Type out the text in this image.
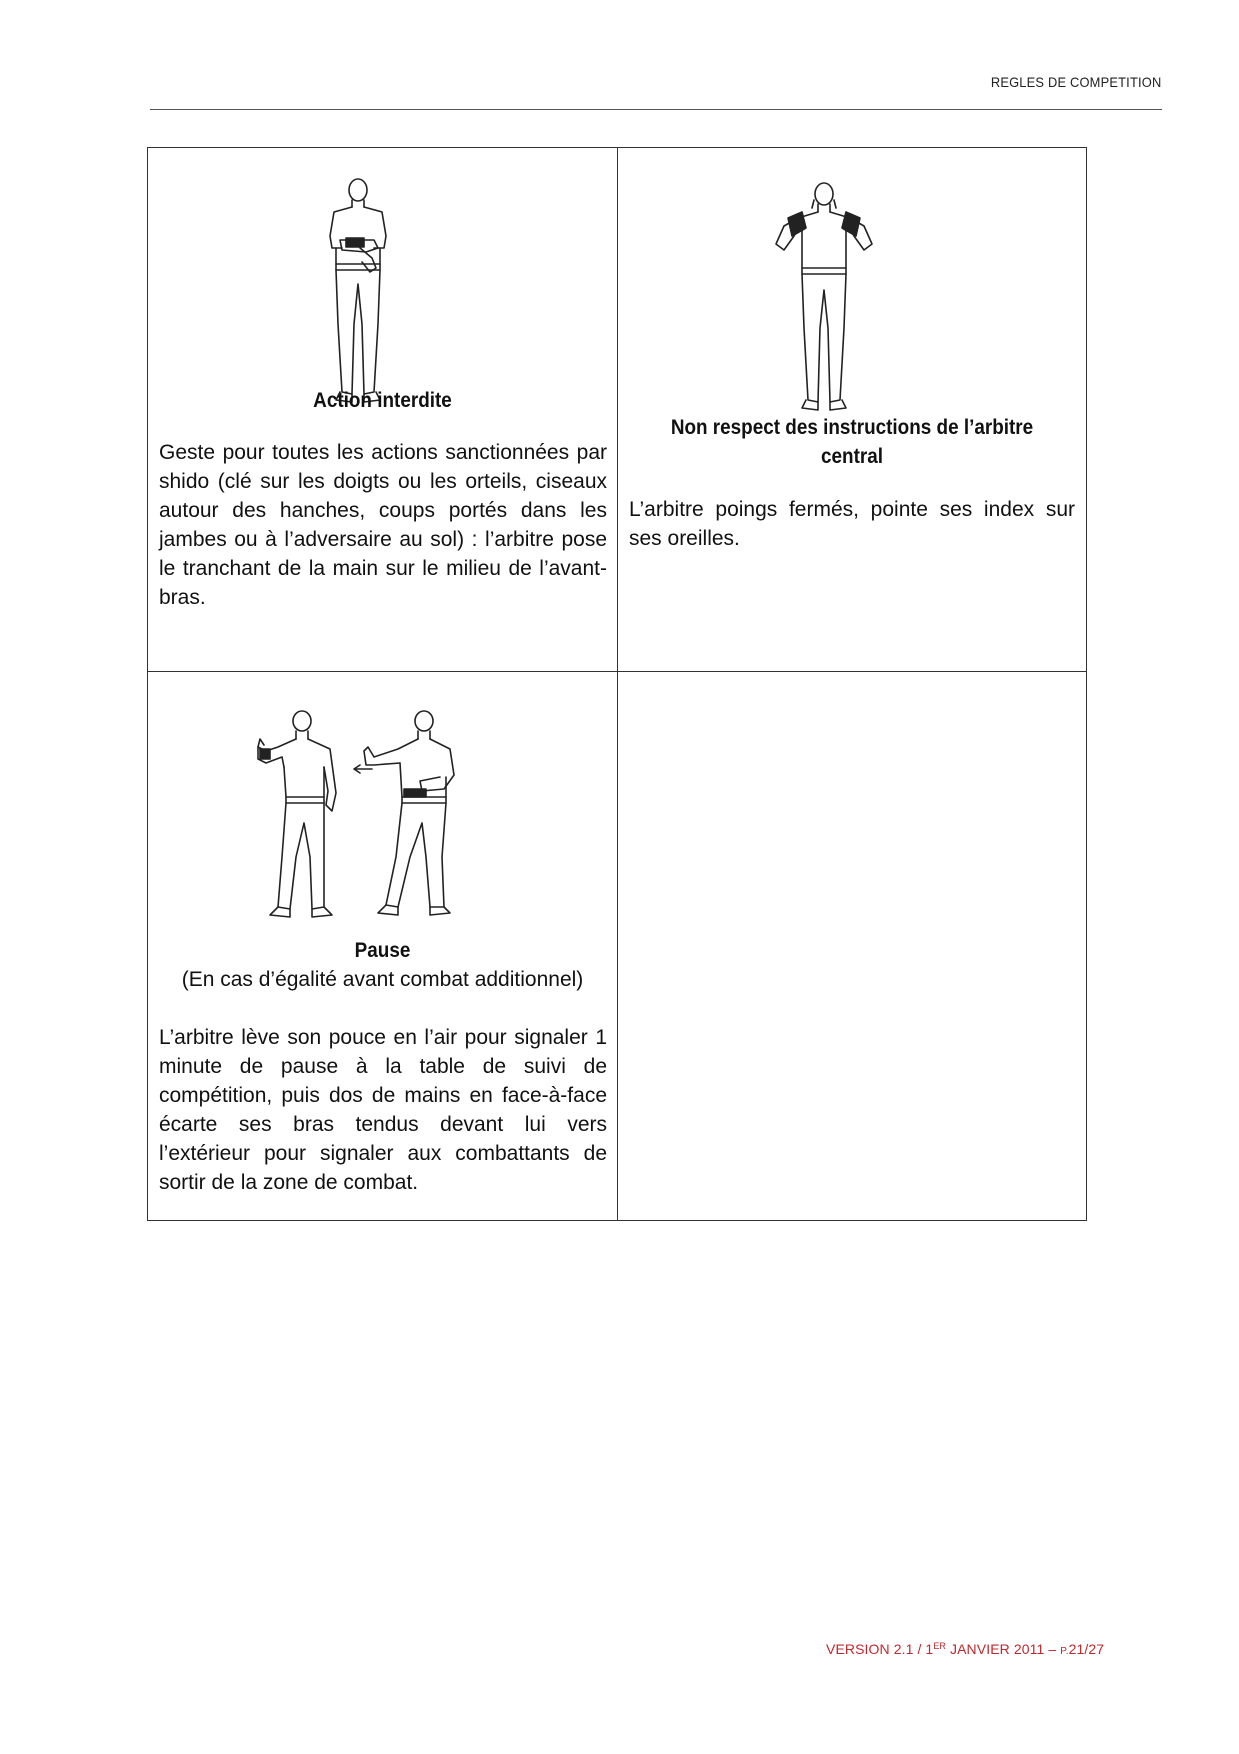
REGLES DE COMPETITION
Action interdite
Geste pour toutes les actions sanctionnées par shido (clé sur les doigts ou les orteils, ciseaux autour des hanches, coups portés dans les jambes ou à l’adversaire au sol) : l’arbitre pose le tranchant de la main sur le milieu de l’avant-bras.
Non respect des instructions de l’arbitre central
L’arbitre poings fermés, pointe ses index sur ses oreilles.
Pause
(En cas d’égalité avant combat additionnel)
L’arbitre lève son pouce en l’air pour signaler 1 minute de pause à la table de suivi de compétition, puis dos de mains en face-à-face écarte ses bras tendus devant lui vers l’extérieur pour signaler aux combattants de sortir de la zone de combat.
VERSION 2.1 / 1ER JANVIER 2011 – P.21/27
